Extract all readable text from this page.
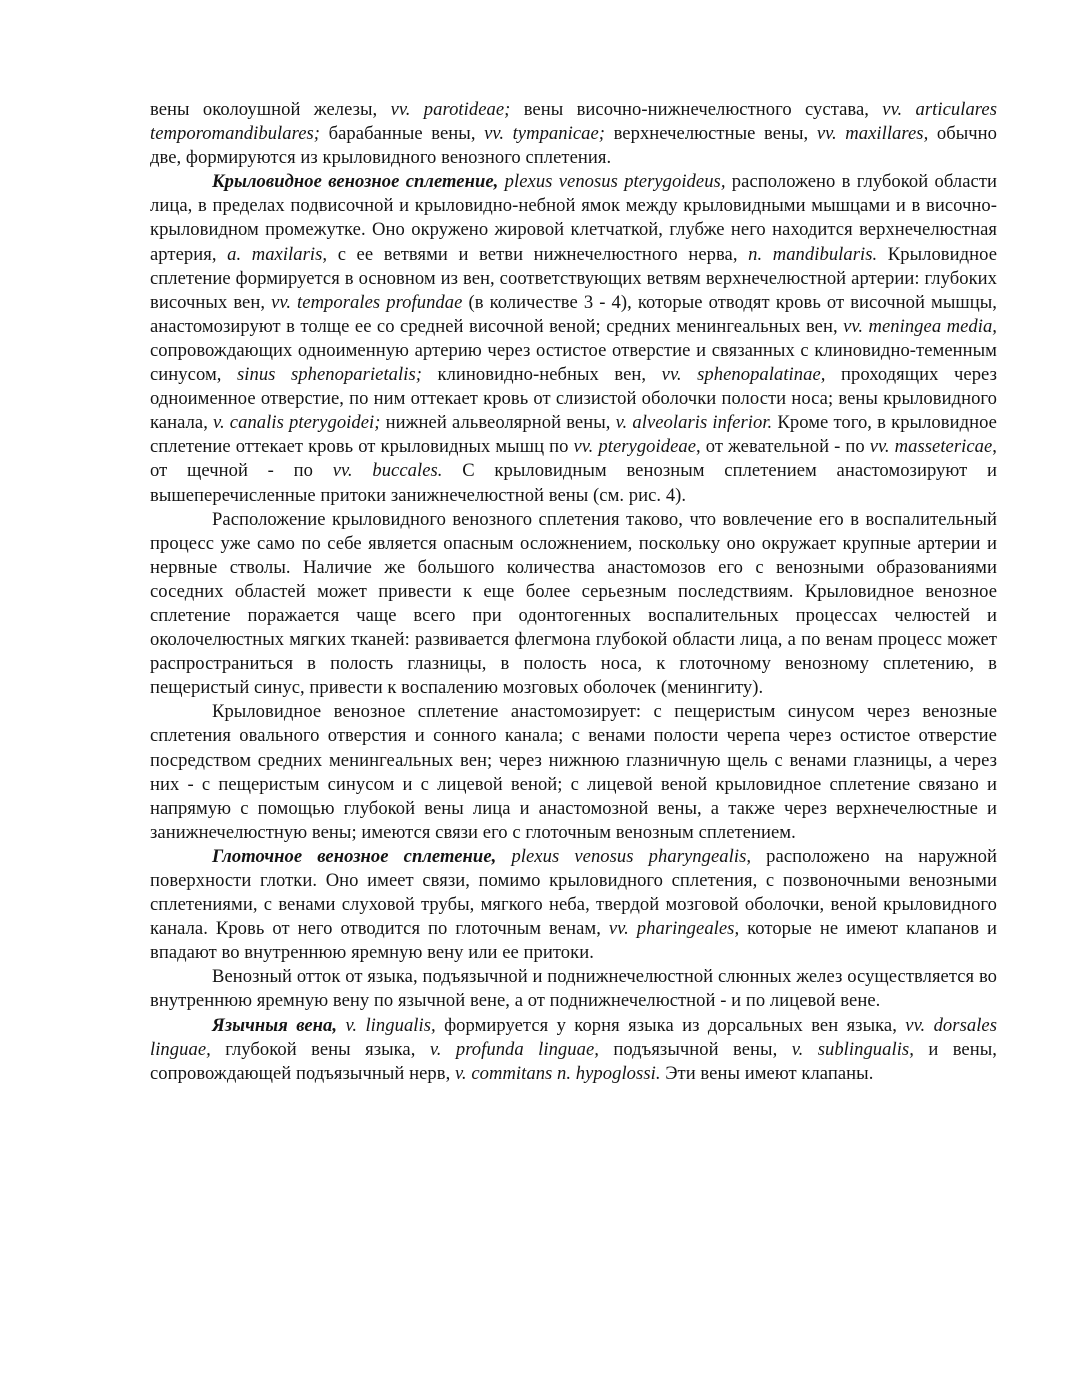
вены околоушной железы, vv. parotideae; вены височно-нижнечелюстного сустава, vv. articulares temporomandibulares; барабанные вены, vv. tympanicae; верхнечелюстные вены, vv. maxillares, обычно две, формируются из крыловидного венозного сплетения.

Крыловидное венозное сплетение, plexus venosus pterygoideus, расположено в глубокой области лица, в пределах подвисочной и крыловидно-небной ямок между крыловидными мышцами и в височно-крыловидном промежутке. Оно окружено жировой клетчаткой, глубже него находится верхнечелюстная артерия, a. maxilaris, с ее ветвями и ветви нижнечелюстного нерва, n. mandibularis. Крыловидное сплетение формируется в основном из вен, соответствующих ветвям верхнечелюстной артерии: глубоких височных вен, vv. temporales profundae (в количестве 3 - 4), которые отводят кровь от височной мышцы, анастомозируют в толще ее со средней височной веной; средних менингеальных вен, vv. meningea media, сопровождающих одноименную артерию через остистое отверстие и связанных с клиновидно-теменным синусом, sinus sphenoparietalis; клиновидно-небных вен, vv. sphenopalatinae, проходящих через одноименное отверстие, по ним оттекает кровь от слизистой оболочки полости носа; вены крыловидного канала, v. canalis pterygoidei; нижней альвеолярной вены, v. alveolaris inferior. Кроме того, в крыловидное сплетение оттекает кровь от крыловидных мышц по vv. pterygoideae, от жевательной - по vv. massetericae, от щечной - по vv. buccales. С крыловидным венозным сплетением анастомозируют и вышеперечисленные притоки занижнечелюстной вены (см. рис. 4).

Расположение крыловидного венозного сплетения таково, что вовлечение его в воспалительный процесс уже само по себе является опасным осложнением, поскольку оно окружает крупные артерии и нервные стволы. Наличие же большого количества анастомозов его с венозными образованиями соседних областей может привести к еще более серьезным последствиям. Крыловидное венозное сплетение поражается чаще всего при одонтогенных воспалительных процессах челюстей и околочелюстных мягких тканей: развивается флегмона глубокой области лица, а по венам процесс может распространиться в полость глазницы, в полость носа, к глоточному венозному сплетению, в пещеристый синус, привести к воспалению мозговых оболочек (менингиту).

Крыловидное венозное сплетение анастомозирует: с пещеристым синусом через венозные сплетения овального отверстия и сонного канала; с венами полости черепа через остистое отверстие посредством средних менингеальных вен; через нижнюю глазничную щель с венами глазницы, а через них - с пещеристым синусом и с лицевой веной; с лицевой веной крыловидное сплетение связано и напрямую с помощью глубокой вены лица и анастомозной вены, а также через верхнечелюстные и занижнечелюстную вены; имеются связи его с глоточным венозным сплетением.

Глоточное венозное сплетение, plexus venosus pharyngealis, расположено на наружной поверхности глотки. Оно имеет связи, помимо крыловидного сплетения, с позвоночными венозными сплетениями, с венами слуховой трубы, мягкого неба, твердой мозговой оболочки, веной крыловидного канала. Кровь от него отводится по глоточным венам, vv. pharingeales, которые не имеют клапанов и впадают во внутреннюю яремную вену или ее притоки.

Венозный отток от языка, подъязычной и поднижнечелюстной слюнных желез осуществляется во внутреннюю яремную вену по язычной вене, а от поднижнечелюстной - и по лицевой вене.

Язычныя вена, v. lingualis, формируется у корня языка из дорсальных вен языка, vv. dorsales linguae, глубокой вены языка, v. profunda linguae, подъязычной вены, v. sublingualis, и вены, сопровождающей подъязычный нерв, v. commitans n. hypoglossi. Эти вены имеют клапаны.
